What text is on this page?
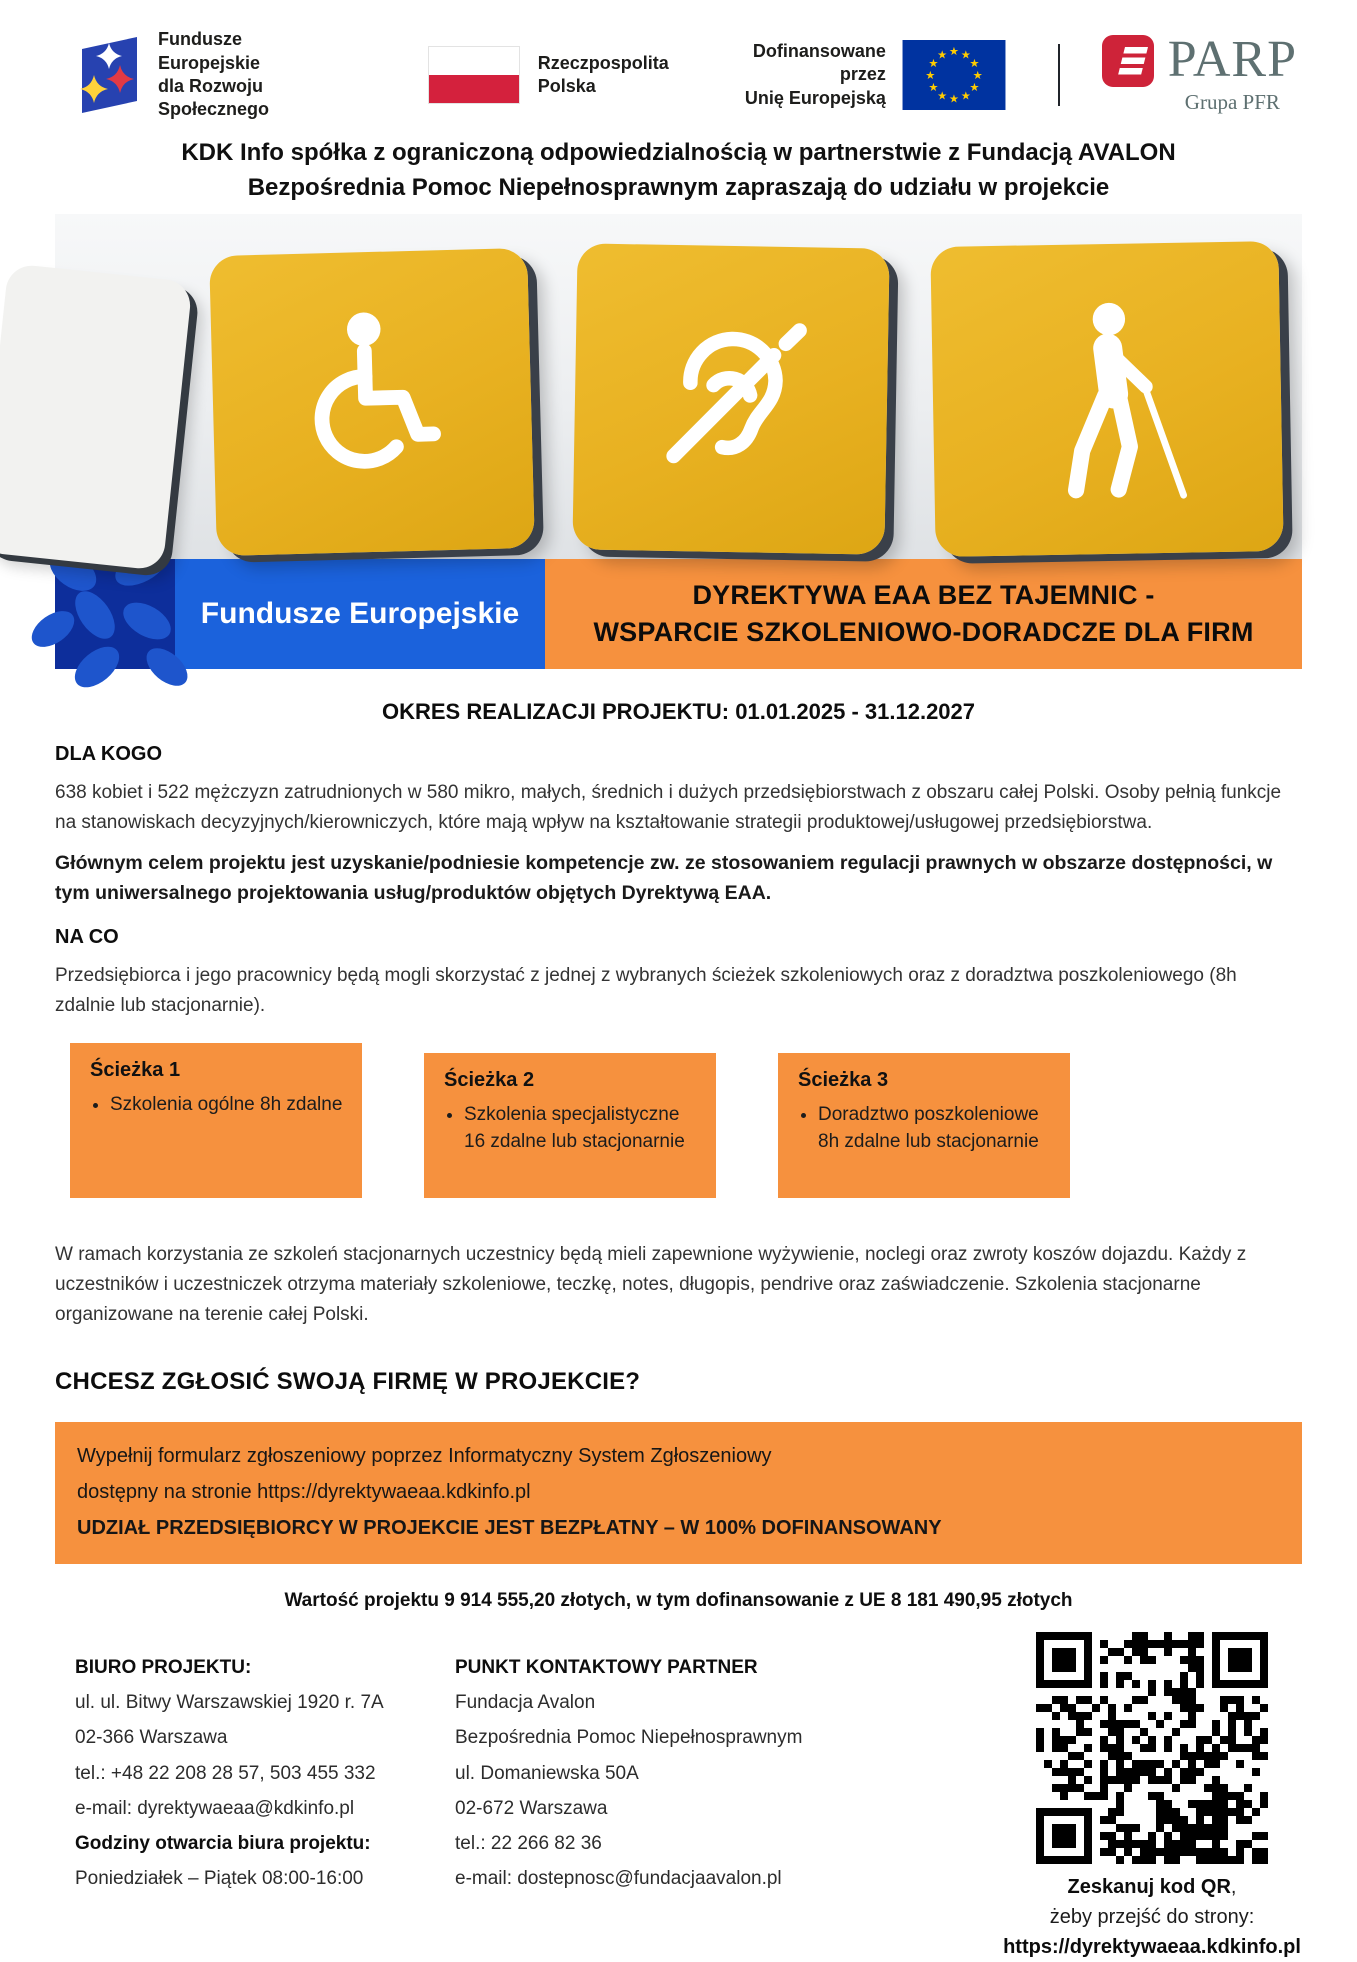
Fundusze Europejskie
dla Rozwoju Społecznego
Rzeczpospolita
Polska
Dofinansowane przez
Unię Europejską
★ ★
★
★
★
★
★
★
★
★
★
★	PARP
Grupa PFR
KDK Info spółka z ograniczoną odpowiedzialnością w partnerstwie z Fundacją AVALON
Bezpośrednia Pomoc Niepełnosprawnym zapraszają do udziału w projekcie
Fundusze Europejskie
DYREKTYWA EAA BEZ TAJEMNIC -
WSPARCIE SZKOLENIOWO-DORADCZE DLA FIRM
OKRES REALIZACJI PROJEKTU: 01.01.2025 - 31.12.2027
DLA KOGO
638 kobiet i 522 mężczyzn zatrudnionych w 580 mikro, małych, średnich i dużych przedsiębiorstwach z obszaru całej Polski. Osoby pełnią funkcje na stanowiskach decyzyjnych/kierowniczych, które mają wpływ na kształtowanie strategii produktowej/usługowej przedsiębiorstwa.
Głównym celem projektu jest uzyskanie/podniesie kompetencje zw. ze stosowaniem regulacji prawnych w obszarze dostępności, w tym uniwersalnego projektowania usług/produktów objętych Dyrektywą EAA.
NA CO
Przedsiębiorca i jego pracownicy będą mogli skorzystać z jednej z wybranych ścieżek szkoleniowych oraz z doradztwa poszkoleniowego (8h zdalnie lub stacjonarnie).
Ścieżka 1
• Szkolenia ogólne 8h zdalne
Ścieżka 2
• Szkolenia specjalistyczne 16 zdalne lub stacjonarnie
Ścieżka 3
• Doradztwo poszkoleniowe 8h zdalne lub stacjonarnie
W ramach korzystania ze szkoleń stacjonarnych uczestnicy będą mieli zapewnione wyżywienie, noclegi oraz zwroty koszów dojazdu. Każdy z uczestników i uczestniczek otrzyma materiały szkoleniowe, teczkę, notes, długopis, pendrive oraz zaświadczenie. Szkolenia stacjonarne organizowane na terenie całej Polski.
CHCESZ ZGŁOSIĆ SWOJĄ FIRMĘ W PROJEKCIE?
Wypełnij formularz zgłoszeniowy poprzez Informatyczny System Zgłoszeniowy
dostępny na stronie https://dyrektywaeaa.kdkinfo.pl
UDZIAŁ PRZEDSIĘBIORCY W PROJEKCIE JEST BEZPŁATNY – W 100% DOFINANSOWANY
Wartość projektu 9 914 555,20 złotych, w tym dofinansowanie z UE 8 181 490,95 złotych
BIURO PROJEKTU:
ul. ul. Bitwy Warszawskiej 1920 r. 7A
02-366 Warszawa
tel.: +48 22 208 28 57, 503 455 332
e-mail: dyrektywaeaa@kdkinfo.pl
Godziny otwarcia biura projektu:
Poniedziałek – Piątek 08:00-16:00
PUNKT KONTAKTOWY PARTNER
Fundacja Avalon
Bezpośrednia Pomoc Niepełnosprawnym
ul. Domaniewska 50A
02-672 Warszawa
tel.: 22 266 82 36
e-mail: dostepnosc@fundacjaavalon.pl	Zeskanuj kod QR,
żeby przejść do strony:
https://dyrektywaeaa.kdkinfo.pl
